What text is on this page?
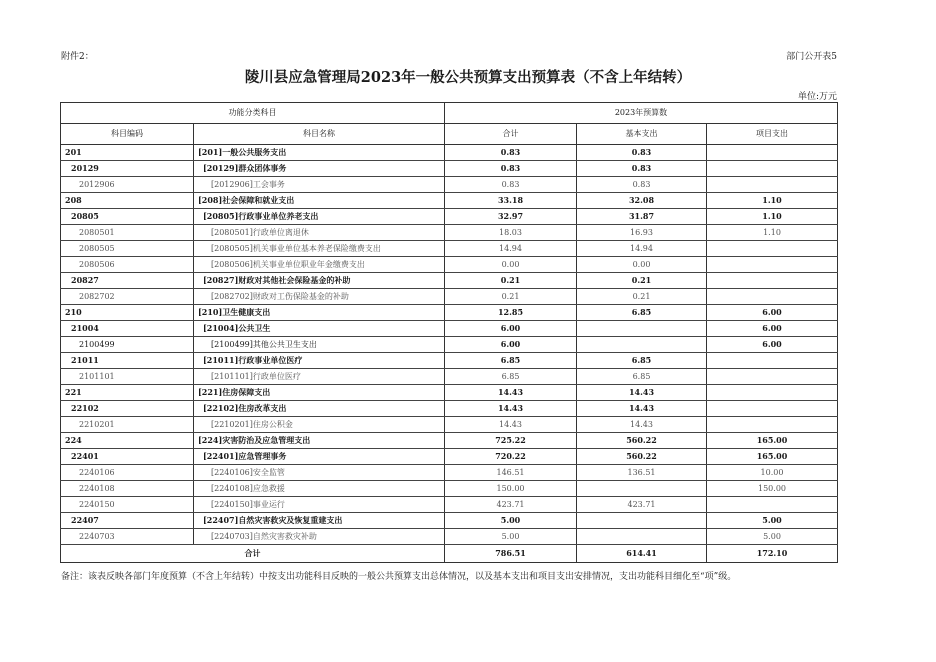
附件2：	部门公开表5
陵川县应急管理局2023年一般公共预算支出预算表（不含上年结转）
单位:万元
功能分类科目		2023年预算数		
科目编码	科目名称	合计	基本支出	项目支出
201	[201]一般公共服务支出	0.83	0.83	
20129	[20129]群众团体事务	0.83	0.83	
2012906	[2012906]工会事务	0.83	0.83	
208	[208]社会保障和就业支出	33.18	32.08	1.10
20805	[20805]行政事业单位养老支出	32.97	31.87	1.10
2080501	[2080501]行政单位离退休	18.03	16.93	1.10
2080505	[2080505]机关事业单位基本养老保险缴费支出	14.94	14.94	
2080506	[2080506]机关事业单位职业年金缴费支出	0.00	0.00	
20827	[20827]财政对其他社会保险基金的补助	0.21	0.21	
2082702	[2082702]财政对工伤保险基金的补助	0.21	0.21	
210	[210]卫生健康支出	12.85	6.85	6.00
21004	[21004]公共卫生	6.00		6.00
2100499	[2100499]其他公共卫生支出	6.00		6.00
21011	[21011]行政事业单位医疗	6.85	6.85	
2101101	[2101101]行政单位医疗	6.85	6.85	
221	[221]住房保障支出	14.43	14.43	
22102	[22102]住房改革支出	14.43	14.43	
2210201	[2210201]住房公积金	14.43	14.43	
224	[224]灾害防治及应急管理支出	725.22	560.22	165.00
22401	[22401]应急管理事务	720.22	560.22	165.00
2240106	[2240106]安全监管	146.51	136.51	10.00
2240108	[2240108]应急救援	150.00		150.00
2240150	[2240150]事业运行	423.71	423.71	
22407	[22407]自然灾害救灾及恢复重建支出	5.00		5.00
2240703	[2240703]自然灾害救灾补助	5.00		5.00
合计		786.51	614.41	172.10
备注：该表反映各部门年度预算（不含上年结转）中按支出功能科目反映的一般公共预算支出总体情况，以及基本支出和项目支出安排情况，支出功能科目细化至“项”级。
